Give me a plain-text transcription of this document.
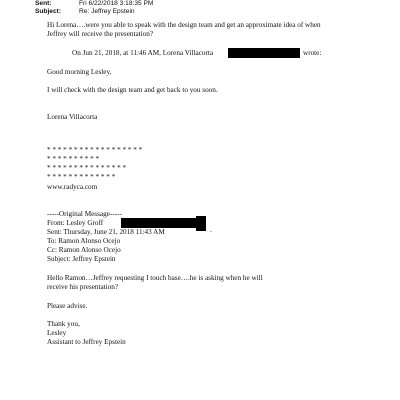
Sent:	Fri 6/22/2018 3:18:35 PM
Subject:	Re: Jeffrey Epstein
Hi Lorena….were you able to speak with the design team and get an approximate idea of when
Jeffrey will receive the presentation?
On Jun 21, 2018, at 11:46 AM, Lorena Villacorta	wrote:
Good morning Lesley,
I will check with the design team and get back to you soon.
Lorena Villacorta
* * * * * * * * * * * * * * * * * *
* * * * * * * * * *
* * * * * * * * * * * * * * *
* * * * * * * * * * * * *
www.radyca.com
-----Original Message-----
From: Lesley Groff
Sent: Thursday, June 21, 2018 11:43 AM	.
To: Ramon Alonso Ocejo
Cc: Ramon Alonso Ocejo
Subject: Jeffrey Epstein
Hello Ramon…Jeffrey requesting I touch base….he is asking when he will
receive his presentation?
Please advise.
Thank you,
Lesley
Assistant to Jeffrey Epstein
